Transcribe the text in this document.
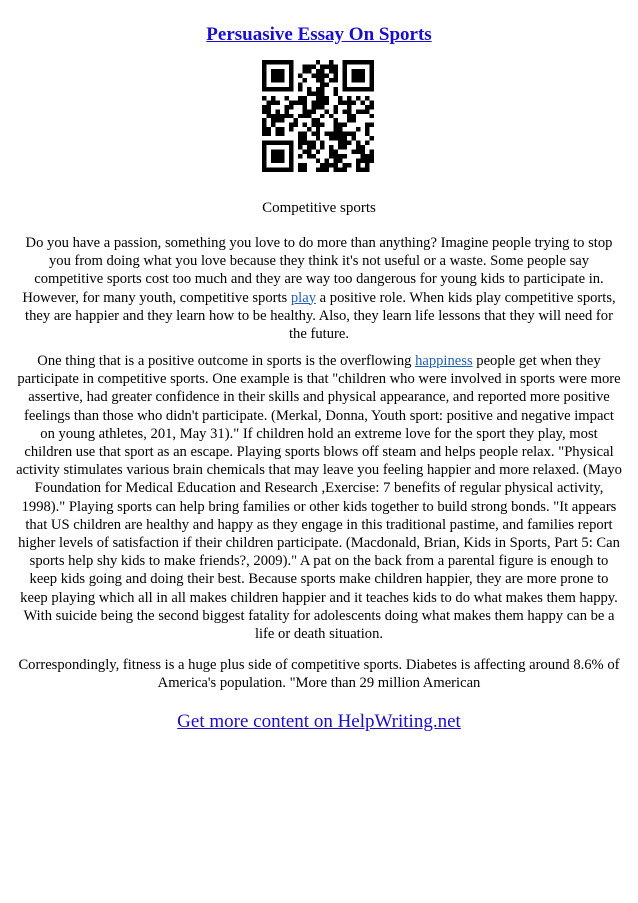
Persuasive Essay On Sports
Competitive sports

Do you have a passion, something you love to do more than anything? Imagine people trying to stop you from doing what you love because they think it's not useful or a waste. Some people say competitive sports cost too much and they are way too dangerous for young kids to participate in. However, for many youth, competitive sports play a positive role. When kids play competitive sports, they are happier and they learn how to be healthy. Also, they learn life lessons that they will need for the future.

One thing that is a positive outcome in sports is the overflowing happiness people get when they participate in competitive sports. One example is that "children who were involved in sports were more assertive, had greater confidence in their skills and physical appearance, and reported more positive feelings than those who didn't participate. (Merkal, Donna, Youth sport: positive and negative impact on young athletes, 201, May 31)." If children hold an extreme love for the sport they play, most children use that sport as an escape. Playing sports blows off steam and helps people relax. "Physical activity stimulates various brain chemicals that may leave you feeling happier and more relaxed. (Mayo Foundation for Medical Education and Research ,Exercise: 7 benefits of regular physical activity, 1998)." Playing sports can help bring families or other kids together to build strong bonds. "It appears that US children are healthy and happy as they engage in this traditional pastime, and families report higher levels of satisfaction if their children participate. (Macdonald, Brian, Kids in Sports, Part 5: Can sports help shy kids to make friends?, 2009)." A pat on the back from a parental figure is enough to keep kids going and doing their best. Because sports make children happier, they are more prone to keep playing which all in all makes children happier and it teaches kids to do what makes them happy. With suicide being the second biggest fatality for adolescents doing what makes them happy can be a life or death situation.

Correspondingly, fitness is a huge plus side of competitive sports. Diabetes is affecting around 8.6% of America's population. "More than 29 million American

Get more content on HelpWriting.net
